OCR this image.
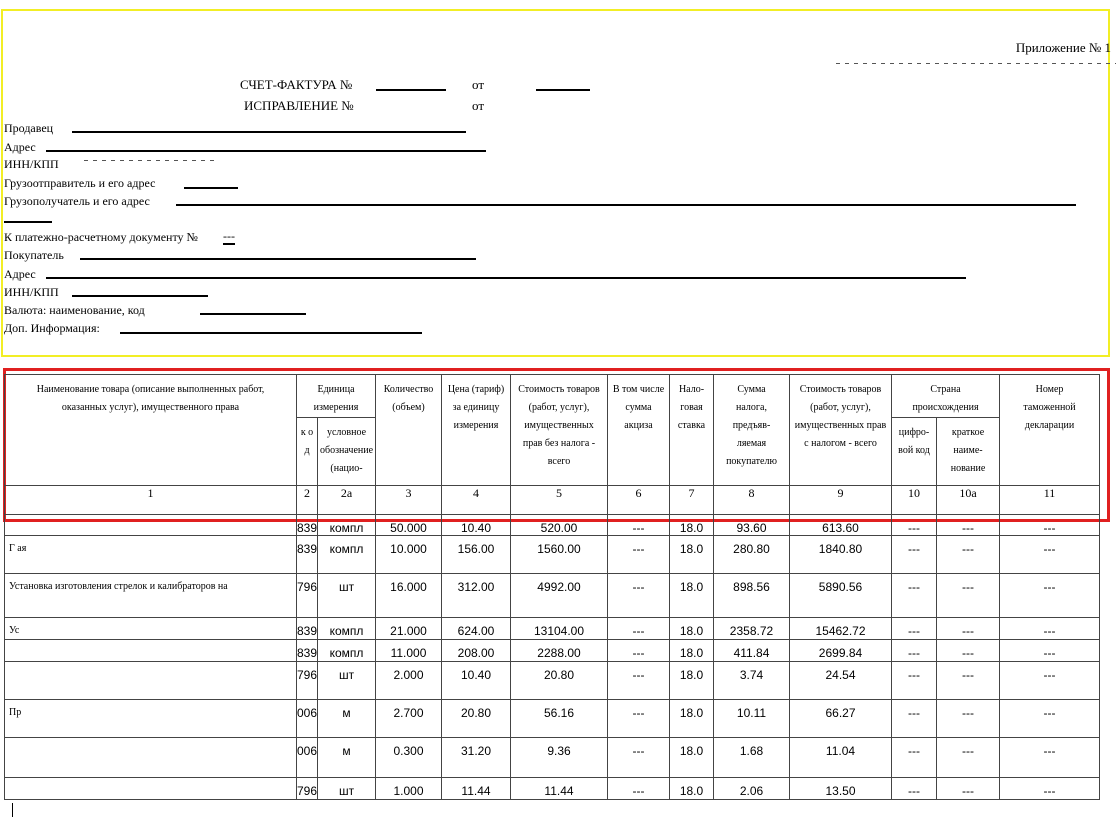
Приложение № 1
СЧЕТ-ФАКТУРА №	от
ИСПРАВЛЕНИЕ №	от
Продавец
Адрес
ИНН/КПП
Грузоотправитель и его адрес
Грузополучатель и его адрес
К платежно-расчетному документу № ---
Покупатель
Адрес
ИНН/КПП
Валюта: наименование, код
Доп. Информация:
Наименование товара (описание выполненных работ, оказанных услуг), имущественного права	Единица измерения		Количество (объем)	Цена (тариф) за единицу измерения	Стоимость товаров (работ, услуг), имущественных прав без налога - всего	В том числе сумма акциза	Нало- говая ставка	Сумма налога, предъяв- ляемая покупателю	Стоимость товаров (работ, услуг), имущественных прав с налогом - всего	Страна происхождения		Номер таможенной декларации
	к о д	условное обозначение (нацио-								цифро- вой код	краткое наиме- нование	
1	2	2а	3	4	5	6	7	8	9	10	10а	11
	839	компл	50.000	10.40	520.00	---	18.0	93.60	613.60	---	---	---
Г ая	839	компл	10.000	156.00	1560.00	---	18.0	280.80	1840.80	---	---	---
Установка изготовления стрелок и калибраторов на	796	шт	16.000	312.00	4992.00	---	18.0	898.56	5890.56	---	---	---
Ус	839	компл	21.000	624.00	13104.00	---	18.0	2358.72	15462.72	---	---	---
	839	компл	11.000	208.00	2288.00	---	18.0	411.84	2699.84	---	---	---
	796	шт	2.000	10.40	20.80	---	18.0	3.74	24.54	---	---	---
Пр	006	м	2.700	20.80	56.16	---	18.0	10.11	66.27	---	---	---
	006	м	0.300	31.20	9.36	---	18.0	1.68	11.04	---	---	---
	796	шт	1.000	11.44	11.44	---	18.0	2.06	13.50	---	---	---
